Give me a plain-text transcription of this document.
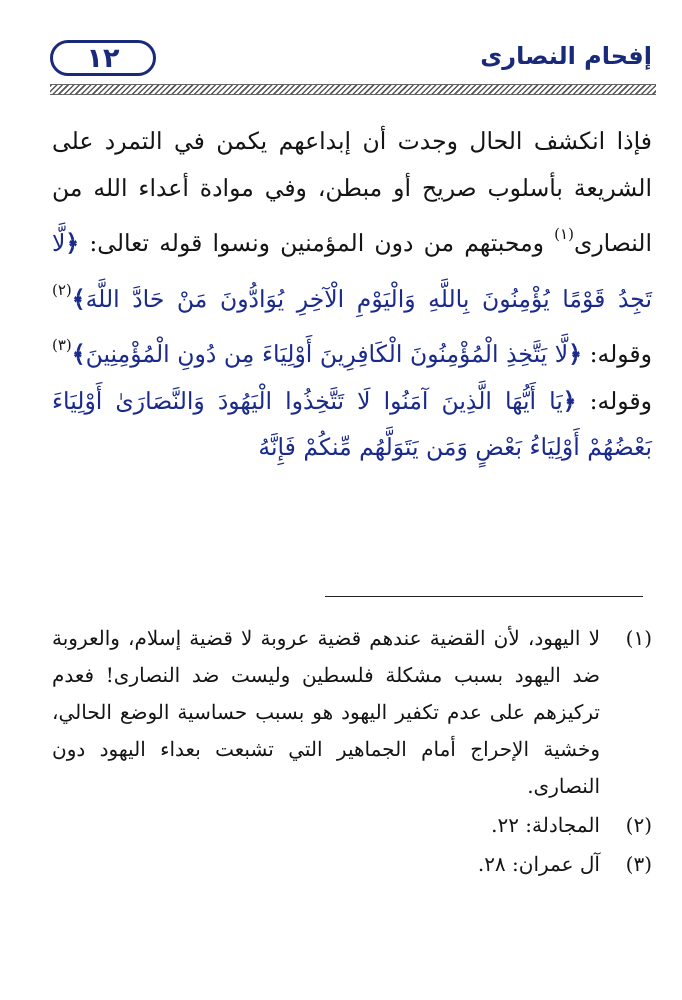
١٢	إفحام النصارى
فإذا انكشف الحال وجدت أن إبداعهم يكمن في التمرد على الشريعة بأسلوب صريح أو مبطن، وفي موادة أعداء الله من النصارى$^{(١)}$ ومحبتهم من دون المؤمنين ونسوا قوله تعالى: ﴿لَّا تَجِدُ قَوْمًا يُؤْمِنُونَ بِاللَّهِ وَالْيَوْمِ الْآخِرِ يُوَادُّونَ مَنْ حَادَّ اللَّهَ﴾$^{(٢)}$ وقوله: ﴿لَّا يَتَّخِذِ الْمُؤْمِنُونَ الْكَافِرِينَ أَوْلِيَاءَ مِن دُونِ الْمُؤْمِنِينَ﴾$^{(٣)}$ وقوله: ﴿يَا أَيُّهَا الَّذِينَ آمَنُوا لَا تَتَّخِذُوا الْيَهُودَ وَالنَّصَارَىٰ أَوْلِيَاءَ بَعْضُهُمْ أَوْلِيَاءُ بَعْضٍ وَمَن يَتَوَلَّهُم مِّنكُمْ فَإِنَّهُ
(١)
لا اليهود، لأن القضية عندهم قضية عروبة لا قضية إسلام، والعروبة ضد اليهود بسبب مشكلة فلسطين وليست ضد النصارى! فعدم تركيزهم على عدم تكفير اليهود هو بسبب حساسية الوضع الحالي، وخشية الإحراج أمام الجماهير التي تشبعت بعداء اليهود دون النصارى.
(٢)
المجادلة: ٢٢.
(٣)
آل عمران: ٢٨.
